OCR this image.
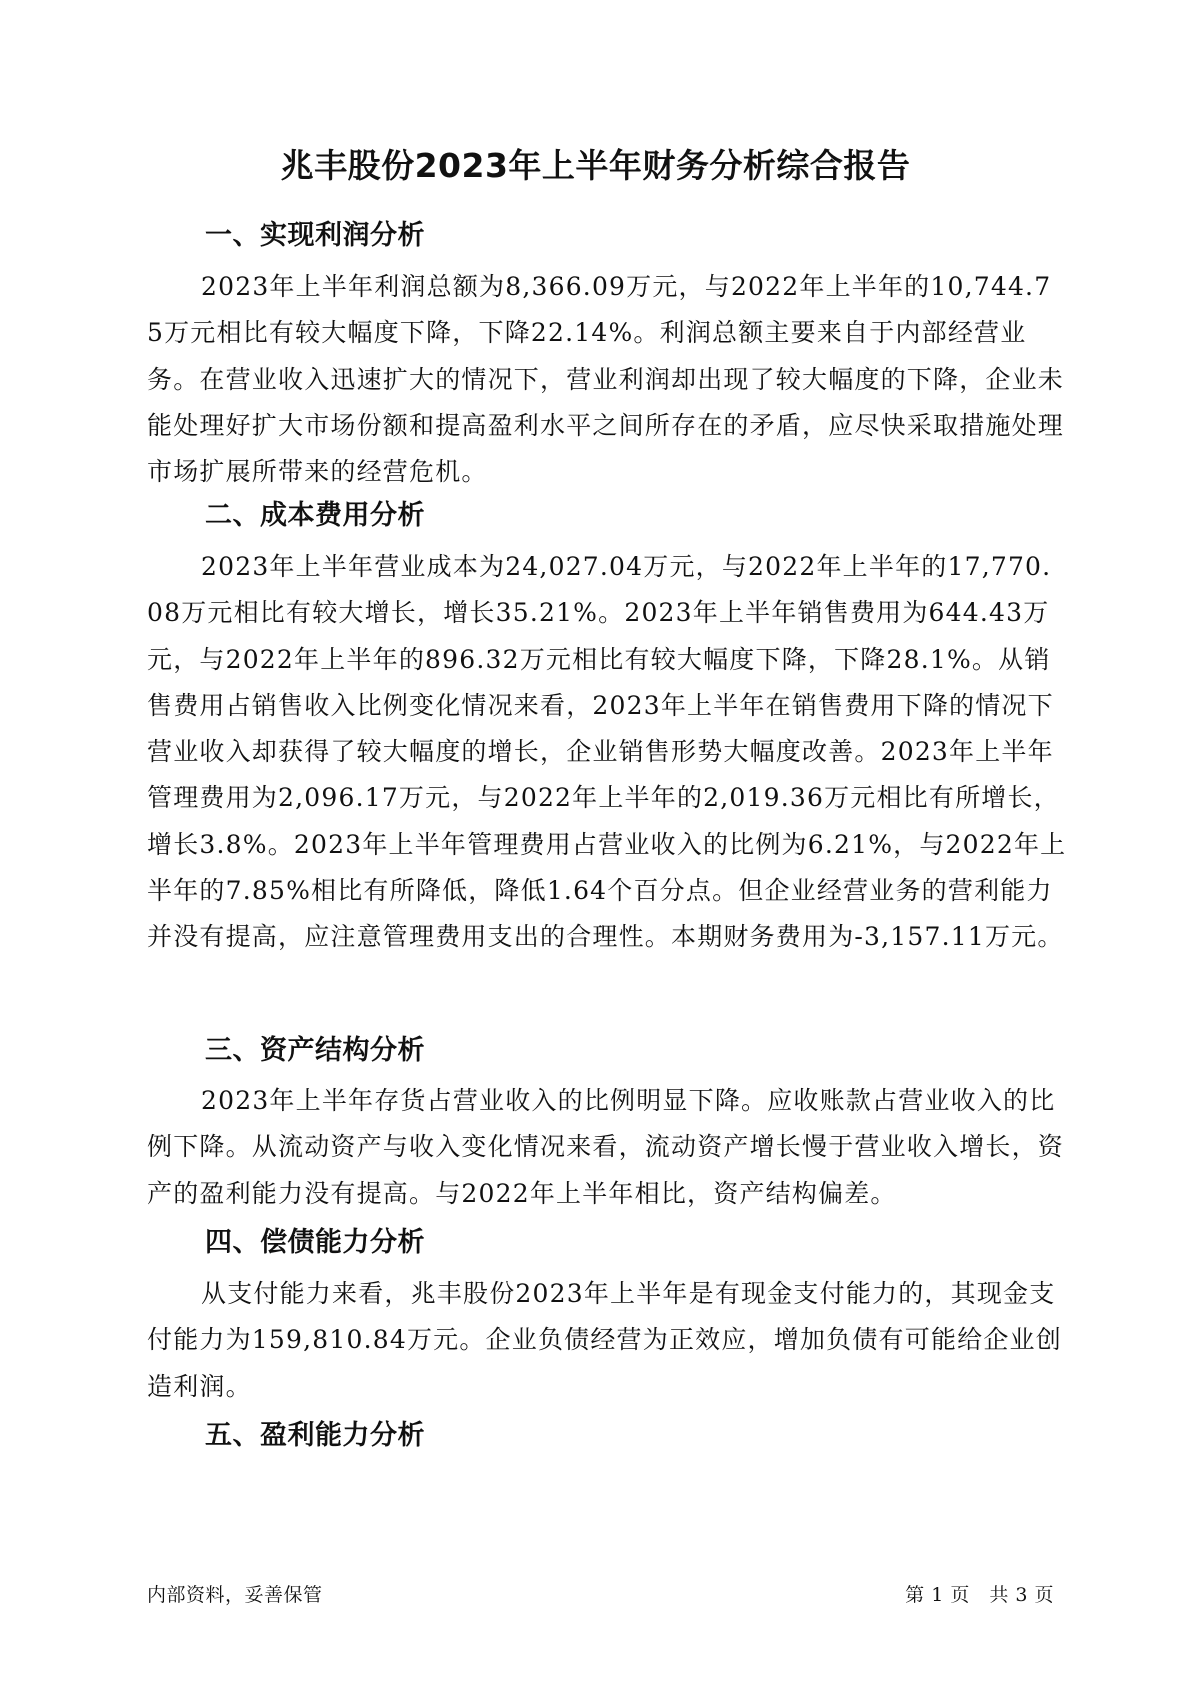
兆丰股份2023年上半年财务分析综合报告
一、实现利润分析

2023年上半年利润总额为8,366.09万元，与2022年上半年的10,744.75万元相比有较大幅度下降，下降22.14%。利润总额主要来自于内部经营业务。在营业收入迅速扩大的情况下，营业利润却出现了较大幅度的下降，企业未能处理好扩大市场份额和提高盈利水平之间所存在的矛盾，应尽快采取措施处理市场扩展所带来的经营危机。

二、成本费用分析

2023年上半年营业成本为24,027.04万元，与2022年上半年的17,770.08万元相比有较大增长，增长35.21%。2023年上半年销售费用为644.43万元，与2022年上半年的896.32万元相比有较大幅度下降，下降28.1%。从销售费用占销售收入比例变化情况来看，2023年上半年在销售费用下降的情况下营业收入却获得了较大幅度的增长，企业销售形势大幅度改善。2023年上半年管理费用为2,096.17万元，与2022年上半年的2,019.36万元相比有所增长，增长3.8%。2023年上半年管理费用占营业收入的比例为6.21%，与2022年上半年的7.85%相比有所降低，降低1.64个百分点。但企业经营业务的营利能力并没有提高，应注意管理费用支出的合理性。本期财务费用为-3,157.11万元。

三、资产结构分析

2023年上半年存货占营业收入的比例明显下降。应收账款占营业收入的比例下降。从流动资产与收入变化情况来看，流动资产增长慢于营业收入增长，资产的盈利能力没有提高。与2022年上半年相比，资产结构偏差。

四、偿债能力分析

从支付能力来看，兆丰股份2023年上半年是有现金支付能力的，其现金支付能力为159,810.84万元。企业负债经营为正效应，增加负债有可能给企业创造利润。

五、盈利能力分析
内部资料，妥善保管	第 1 页　共 3 页
